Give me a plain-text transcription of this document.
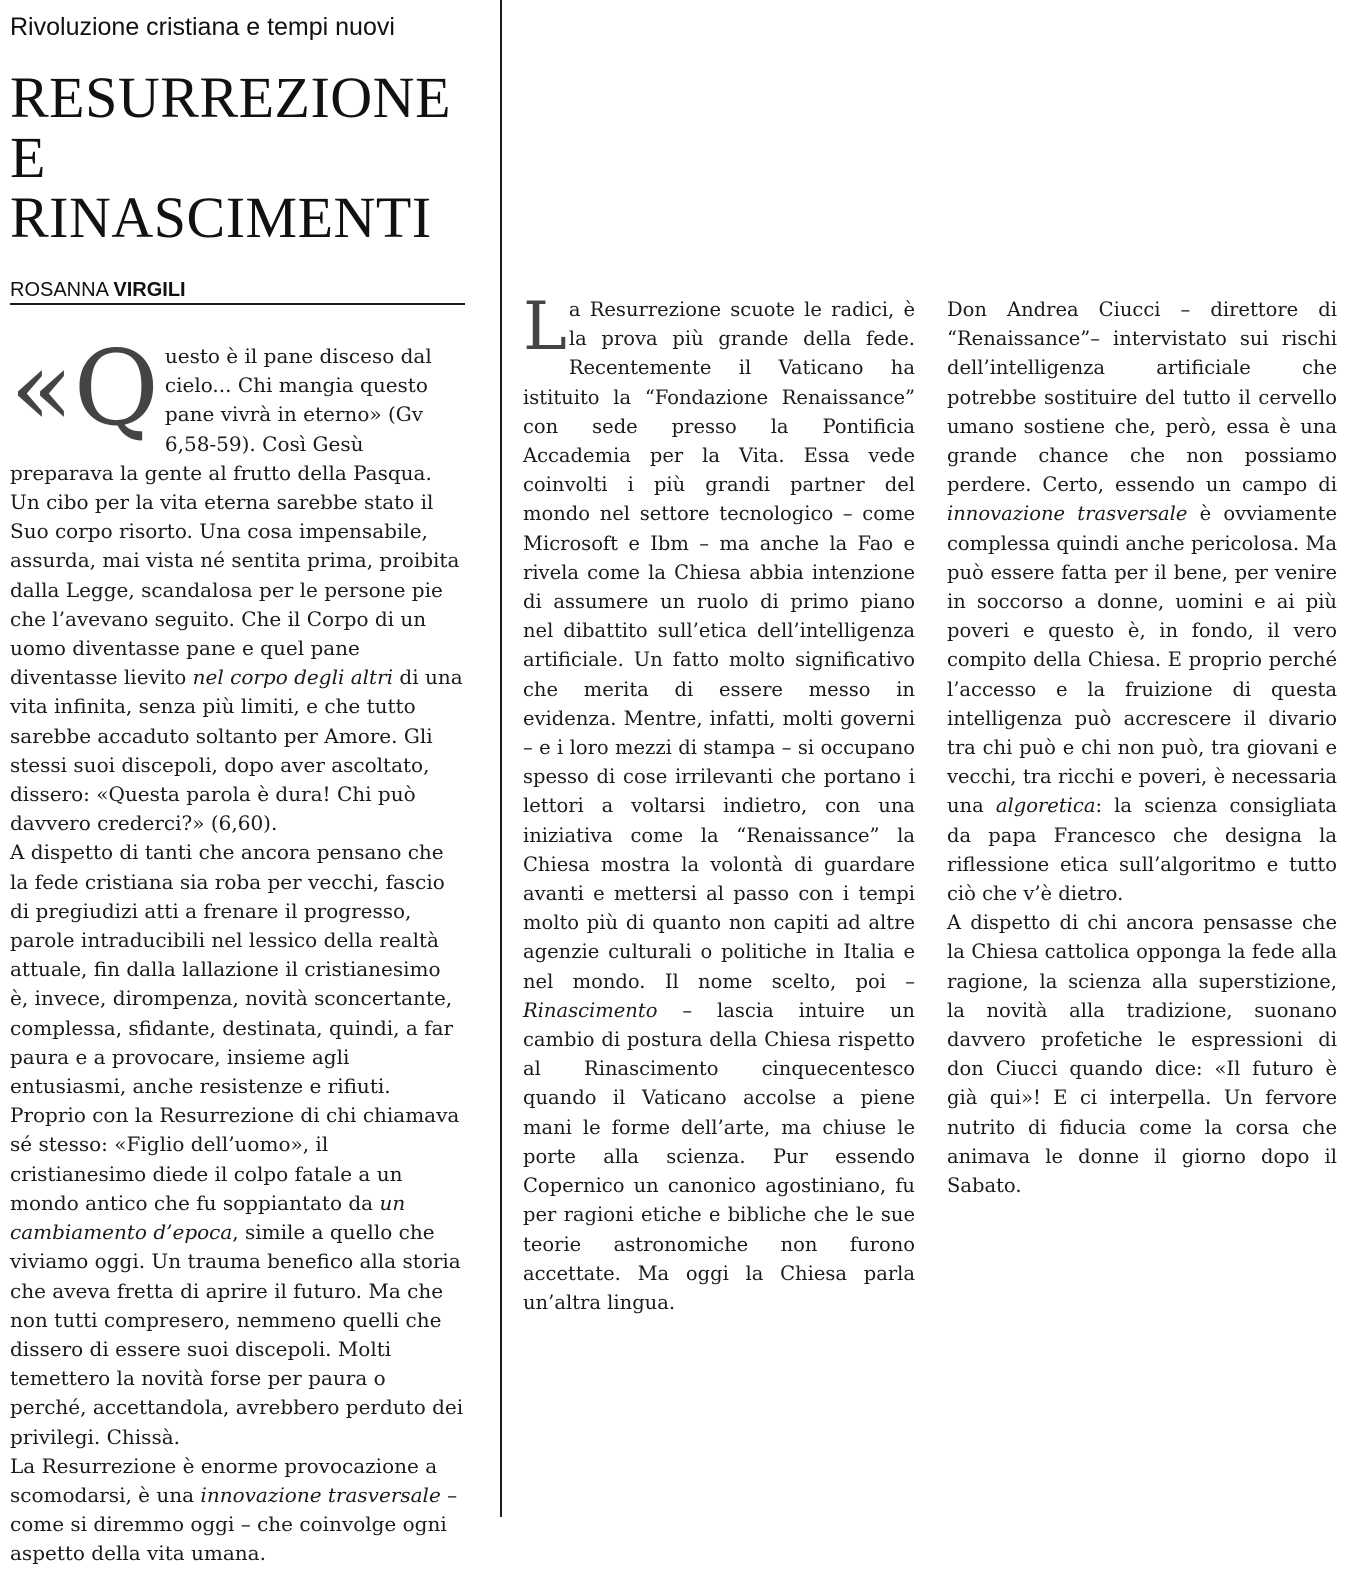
Rivoluzione cristiana e tempi nuovi
RESURREZIONE
E RINASCIMENTI
ROSANNA VIRGILI

«Questo è il pane disceso dal cielo... Chi mangia questo pane vivrà in eterno» (Gv 6,58-59). Così Gesù preparava la gente al frutto della Pasqua. Un cibo per la vita eterna sarebbe stato il Suo corpo risorto. Una cosa impensabile, assurda, mai vista né sentita prima, proibita dalla Legge, scandalosa per le persone pie che l’avevano seguito. Che il Corpo di un uomo diventasse pane e quel pane diventasse lievito nel corpo degli altri di una vita infinita, senza più limiti, e che tutto sarebbe accaduto soltanto per Amore. Gli stessi suoi discepoli, dopo aver ascoltato, dissero: «Questa parola è dura! Chi può davvero crederci?» (6,60).

A dispetto di tanti che ancora pensano che la fede cristiana sia roba per vecchi, fascio di pregiudizi atti a frenare il progresso, parole intraducibili nel lessico della realtà attuale, fin dalla lallazione il cristianesimo è, invece, dirompenza, novità sconcertante, complessa, sfidante, destinata, quindi, a far paura e a provocare, insieme agli entusiasmi, anche resistenze e rifiuti.

Proprio con la Resurrezione di chi chiamava sé stesso: «Figlio dell’uomo», il cristianesimo diede il colpo fatale a un mondo antico che fu soppiantato da un cambiamento d’epoca, simile a quello che viviamo oggi. Un trauma benefico alla storia che aveva fretta di aprire il futuro. Ma che non tutti compresero, nemmeno quelli che dissero di essere suoi discepoli. Molti temettero la novità forse per paura o perché, accettandola, avrebbero perduto dei privilegi. Chissà.

La Resurrezione è enorme provocazione a scomodarsi, è una innovazione trasversale – come si diremmo oggi – che coinvolge ogni aspetto della vita umana.

La Resurrezione scuote le radici, è la prova più grande della fede. Recentemente il Vaticano ha istituito la “Fondazione Renaissance” con sede presso la Pontificia Accademia per la Vita. Essa vede coinvolti i più grandi partner del mondo nel settore tecnologico – come Microsoft e Ibm – ma anche la Fao e rivela come la Chiesa abbia intenzione di assumere un ruolo di primo piano nel dibattito sull’etica dell’intelligenza artificiale. Un fatto molto significativo che merita di essere messo in evidenza. Mentre, infatti, molti governi – e i loro mezzi di stampa – si occupano spesso di cose irrilevanti che portano i lettori a voltarsi indietro, con una iniziativa come la “Renaissance” la Chiesa mostra la volontà di guardare avanti e mettersi al passo con i tempi molto più di quanto non capiti ad altre agenzie culturali o politiche in Italia e nel mondo. Il nome scelto, poi – Rinascimento – lascia intuire un cambio di postura della Chiesa rispetto al Rinascimento cinquecentesco quando il Vaticano accolse a piene mani le forme dell’arte, ma chiuse le porte alla scienza. Pur essendo Copernico un canonico agostiniano, fu per ragioni etiche e bibliche che le sue teorie astronomiche non furono accettate. Ma oggi la Chiesa parla un’altra lingua.

Don Andrea Ciucci – direttore di “Renaissance”– intervistato sui rischi dell’intelligenza artificiale che potrebbe sostituire del tutto il cervello umano sostiene che, però, essa è una grande chance che non possiamo perdere. Certo, essendo un campo di innovazione trasversale è ovviamente complessa quindi anche pericolosa. Ma può essere fatta per il bene, per venire in soccorso a donne, uomini e ai più poveri e questo è, in fondo, il vero compito della Chiesa. E proprio perché l’accesso e la fruizione di questa intelligenza può accrescere il divario tra chi può e chi non può, tra giovani e vecchi, tra ricchi e poveri, è necessaria una algoretica: la scienza consigliata da papa Francesco che designa la riflessione etica sull’algoritmo e tutto ciò che v’è dietro.

A dispetto di chi ancora pensasse che la Chiesa cattolica opponga la fede alla ragione, la scienza alla superstizione, la novità alla tradizione, suonano davvero profetiche le espressioni di don Ciucci quando dice: «Il futuro è già qui»! E ci interpella. Un fervore nutrito di fiducia come la corsa che animava le donne il giorno dopo il Sabato.
